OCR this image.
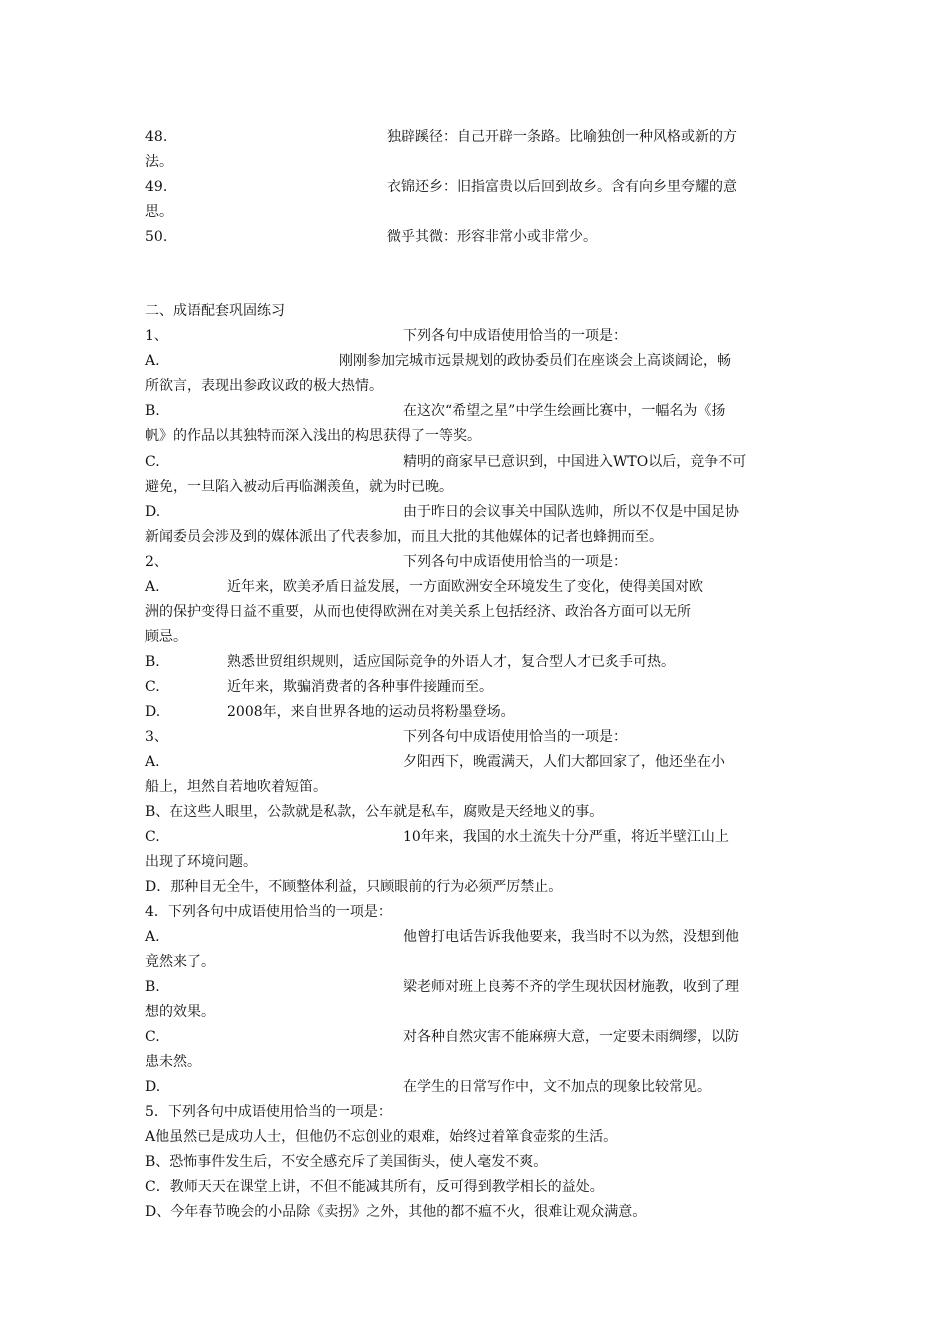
48.	独辟蹊径：自己开辟一条路。比喻独创一种风格或新的方
法。
49.	衣锦还乡：旧指富贵以后回到故乡。含有向乡里夸耀的意
思。
50.	微乎其微：形容非常小或非常少。
二、成语配套巩固练习
1、	下列各句中成语使用恰当的一项是：
A.	刚刚参加完城市远景规划的政协委员们在座谈会上高谈阔论，畅
所欲言，表现出参政议政的极大热情。
B.	在这次“希望之星”中学生绘画比赛中，一幅名为《扬
帆》的作品以其独特而深入浅出的构思获得了一等奖。
C.	精明的商家早已意识到，中国进入WTO以后，竞争不可
避免，一旦陷入被动后再临渊羡鱼，就为时已晚。
D.	由于昨日的会议事关中国队选帅，所以不仅是中国足协
新闻委员会涉及到的媒体派出了代表参加，而且大批的其他媒体的记者也蜂拥而至。
2、	下列各句中成语使用恰当的一项是：
A.	近年来，欧美矛盾日益发展，一方面欧洲安全环境发生了变化，使得美国对欧
洲的保护变得日益不重要，从而也使得欧洲在对美关系上包括经济、政治各方面可以无所
顾忌。
B.	熟悉世贸组织规则，适应国际竞争的外语人才，复合型人才已炙手可热。
C.	近年来，欺骗消费者的各种事件接踵而至。
D.	2008年，来自世界各地的运动员将粉墨登场。
3、	下列各句中成语使用恰当的一项是：
A.	夕阳西下，晚霞满天，人们大都回家了，他还坐在小
船上，坦然自若地吹着短笛。
B、在这些人眼里，公款就是私款，公车就是私车，腐败是天经地义的事。
C.	10年来，我国的水土流失十分严重，将近半壁江山上
出现了环境问题。
D．那种目无全牛，不顾整体利益，只顾眼前的行为必须严厉禁止。
4．下列各句中成语使用恰当的一项是：
A.	他曾打电话告诉我他要来，我当时不以为然，没想到他
竟然来了。
B.	梁老师对班上良莠不齐的学生现状因材施教，收到了理
想的效果。
C.	对各种自然灾害不能麻痹大意，一定要未雨绸缪，以防
患未然。
D.	在学生的日常写作中，文不加点的现象比较常见。
5．下列各句中成语使用恰当的一项是：
A他虽然已是成功人士，但他仍不忘创业的艰难，始终过着箪食壶浆的生活。
B、恐怖事件发生后，不安全感充斥了美国街头，使人毫发不爽。
C．教师天天在课堂上讲，不但不能减其所有，反可得到教学相长的益处。
D、今年春节晚会的小品除《卖拐》之外，其他的都不瘟不火，很难让观众满意。
